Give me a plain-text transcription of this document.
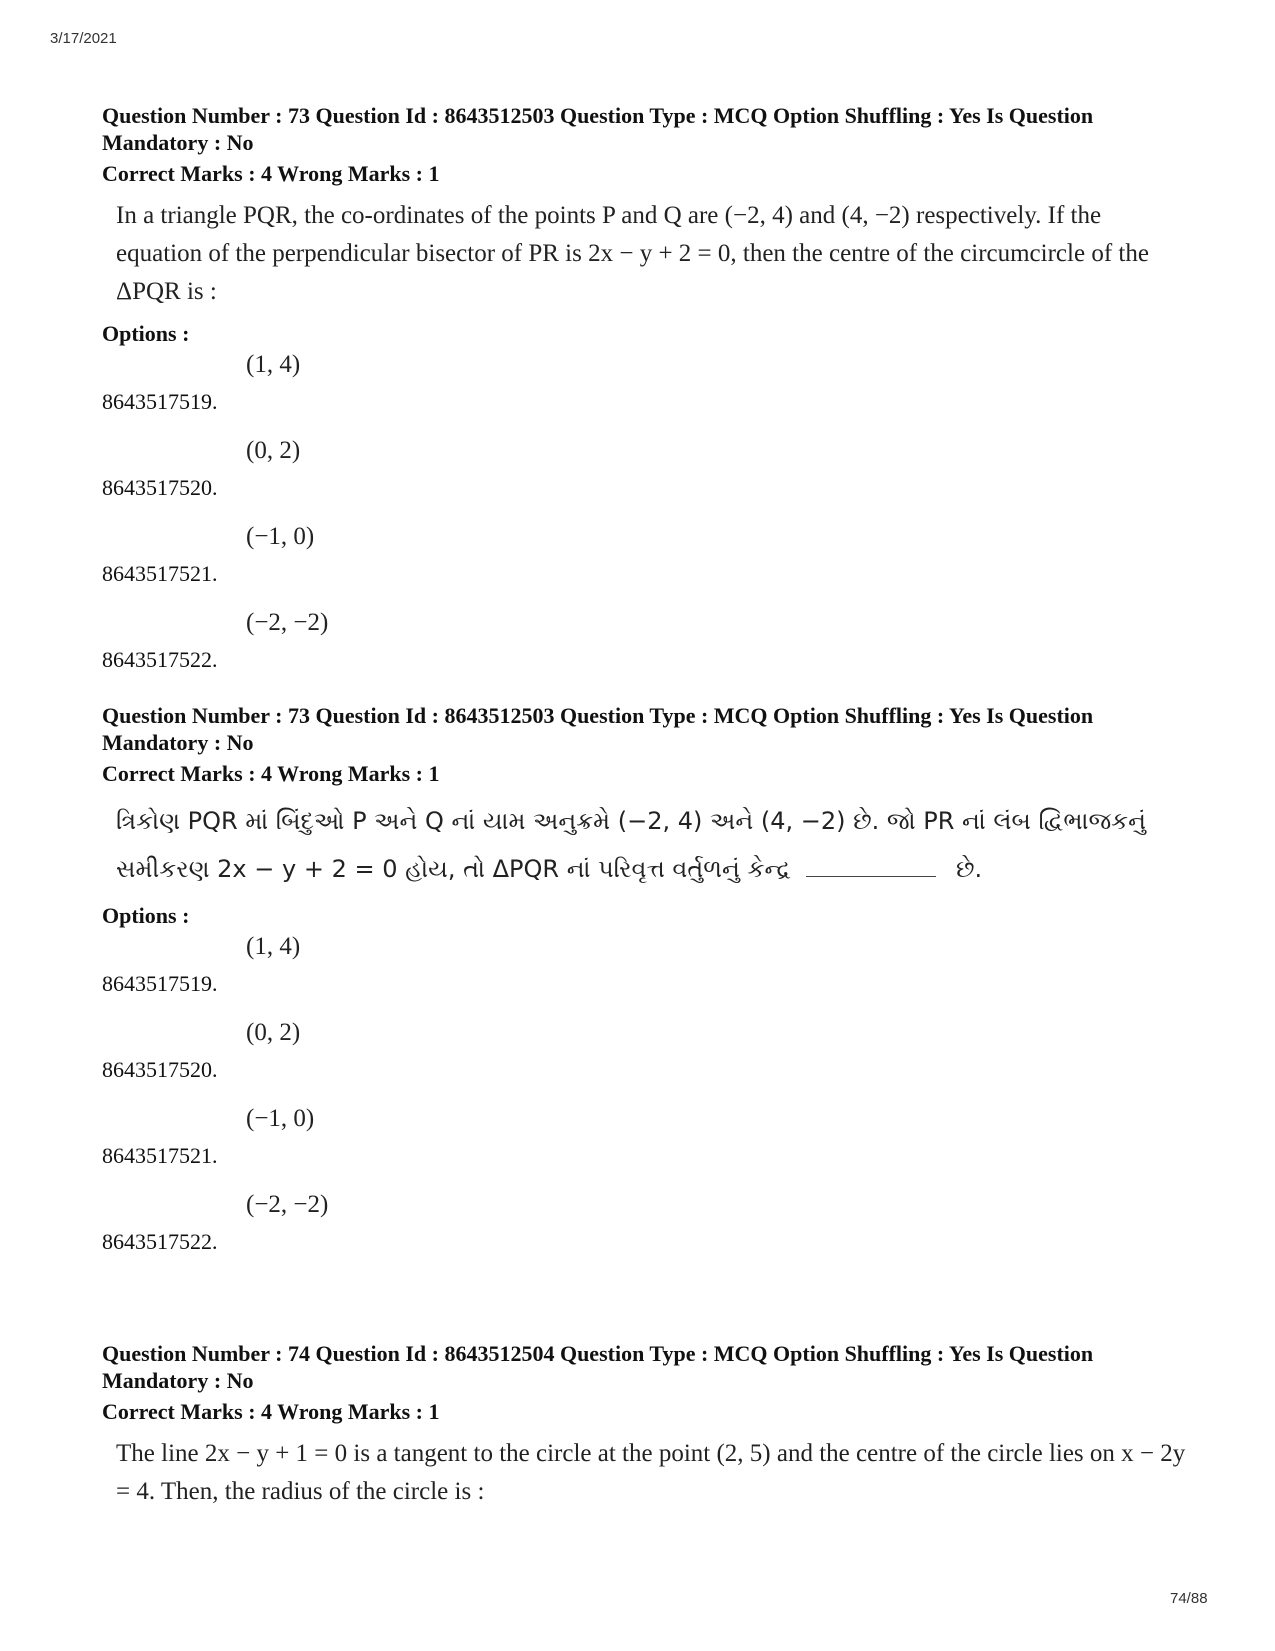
3/17/2021
Question Number : 73 Question Id : 8643512503 Question Type : MCQ Option Shuffling : Yes Is Question Mandatory : No
Correct Marks : 4 Wrong Marks : 1
In a triangle PQR, the co-ordinates of the points P and Q are (−2, 4) and (4, −2) respectively. If the equation of the perpendicular bisector of PR is 2x − y + 2 = 0, then the centre of the circumcircle of the ΔPQR is :
Options :
8643517519.
(1, 4)
8643517520.
(0, 2)
8643517521.
(−1, 0)
8643517522.
(−2, −2)
Question Number : 73 Question Id : 8643512503 Question Type : MCQ Option Shuffling : Yes Is Question Mandatory : No
Correct Marks : 4 Wrong Marks : 1
ત્રિકોણ PQR માં બિંદુઓ P અને Q નાં યામ અનુક્રમે (−2, 4) અને (4, −2) છે. જો PR નાં લંબ દ્વિભાજકનું સમીકરણ 2x − y + 2 = 0 હોય, તો ΔPQR નાં પરિવૃત્ત વર્તુળનું કેન્દ્ર	છે.
Options :
8643517519.
(1, 4)
8643517520.
(0, 2)
8643517521.
(−1, 0)
8643517522.
(−2, −2)
Question Number : 74 Question Id : 8643512504 Question Type : MCQ Option Shuffling : Yes Is Question Mandatory : No
Correct Marks : 4 Wrong Marks : 1
The line 2x − y + 1 = 0 is a tangent to the circle at the point (2, 5) and the centre of the circle lies on x − 2y = 4. Then, the radius of the circle is :
74/88
